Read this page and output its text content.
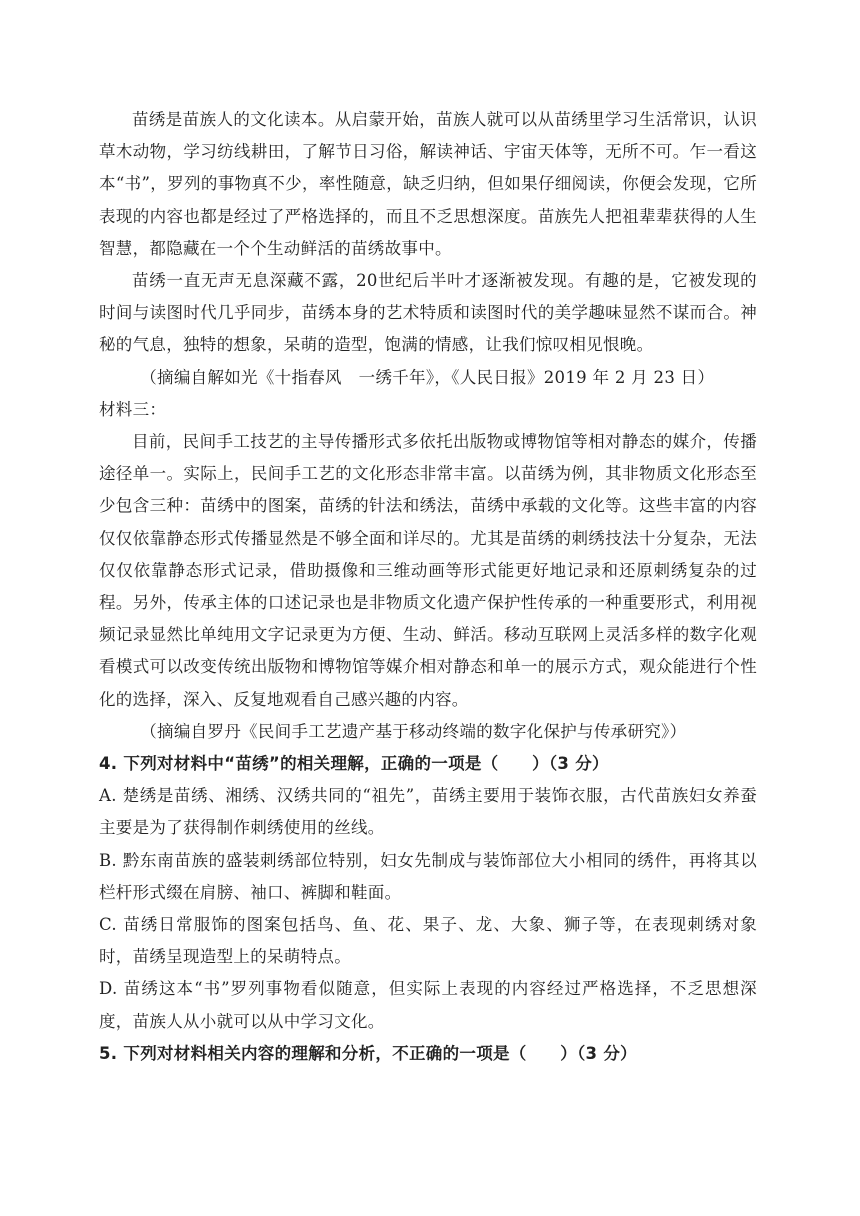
苗绣是苗族人的文化读本。从启蒙开始，苗族人就可以从苗绣里学习生活常识，认识草木动物，学习纺线耕田，了解节日习俗，解读神话、宇宙天体等，无所不可。乍一看这本“书”，罗列的事物真不少，率性随意，缺乏归纳，但如果仔细阅读，你便会发现，它所表现的内容也都是经过了严格选择的，而且不乏思想深度。苗族先人把祖辈辈获得的人生智慧，都隐藏在一个个生动鲜活的苗绣故事中。

苗绣一直无声无息深藏不露，20世纪后半叶才逐渐被发现。有趣的是，它被发现的时间与读图时代几乎同步，苗绣本身的艺术特质和读图时代的美学趣味显然不谋而合。神秘的气息，独特的想象，呆萌的造型，饱满的情感，让我们惊叹相见恨晚。

（摘编自解如光《十指春风　一绣千年》，《人民日报》2019 年 2 月 23 日）

材料三：

目前，民间手工技艺的主导传播形式多依托出版物或博物馆等相对静态的媒介，传播途径单一。实际上，民间手工艺的文化形态非常丰富。以苗绣为例，其非物质文化形态至少包含三种：苗绣中的图案，苗绣的针法和绣法，苗绣中承载的文化等。这些丰富的内容仅仅依靠静态形式传播显然是不够全面和详尽的。尤其是苗绣的刺绣技法十分复杂，无法仅仅依靠静态形式记录，借助摄像和三维动画等形式能更好地记录和还原刺绣复杂的过程。另外，传承主体的口述记录也是非物质文化遗产保护性传承的一种重要形式，利用视频记录显然比单纯用文字记录更为方便、生动、鲜活。移动互联网上灵活多样的数字化观看模式可以改变传统出版物和博物馆等媒介相对静态和单一的展示方式，观众能进行个性化的选择，深入、反复地观看自己感兴趣的内容。

（摘编自罗丹《民间手工艺遗产基于移动终端的数字化保护与传承研究》）

4. 下列对材料中“苗绣”的相关理解，正确的一项是（　　）（3 分）

A. 楚绣是苗绣、湘绣、汉绣共同的“祖先”，苗绣主要用于装饰衣服，古代苗族妇女养蚕主要是为了获得制作刺绣使用的丝线。

B. 黔东南苗族的盛装刺绣部位特别，妇女先制成与装饰部位大小相同的绣件，再将其以栏杆形式缀在肩膀、袖口、裤脚和鞋面。

C. 苗绣日常服饰的图案包括鸟、鱼、花、果子、龙、大象、狮子等，在表现刺绣对象时，苗绣呈现造型上的呆萌特点。

D. 苗绣这本“书”罗列事物看似随意，但实际上表现的内容经过严格选择，不乏思想深度，苗族人从小就可以从中学习文化。

5. 下列对材料相关内容的理解和分析，不正确的一项是（　　）（3 分）
